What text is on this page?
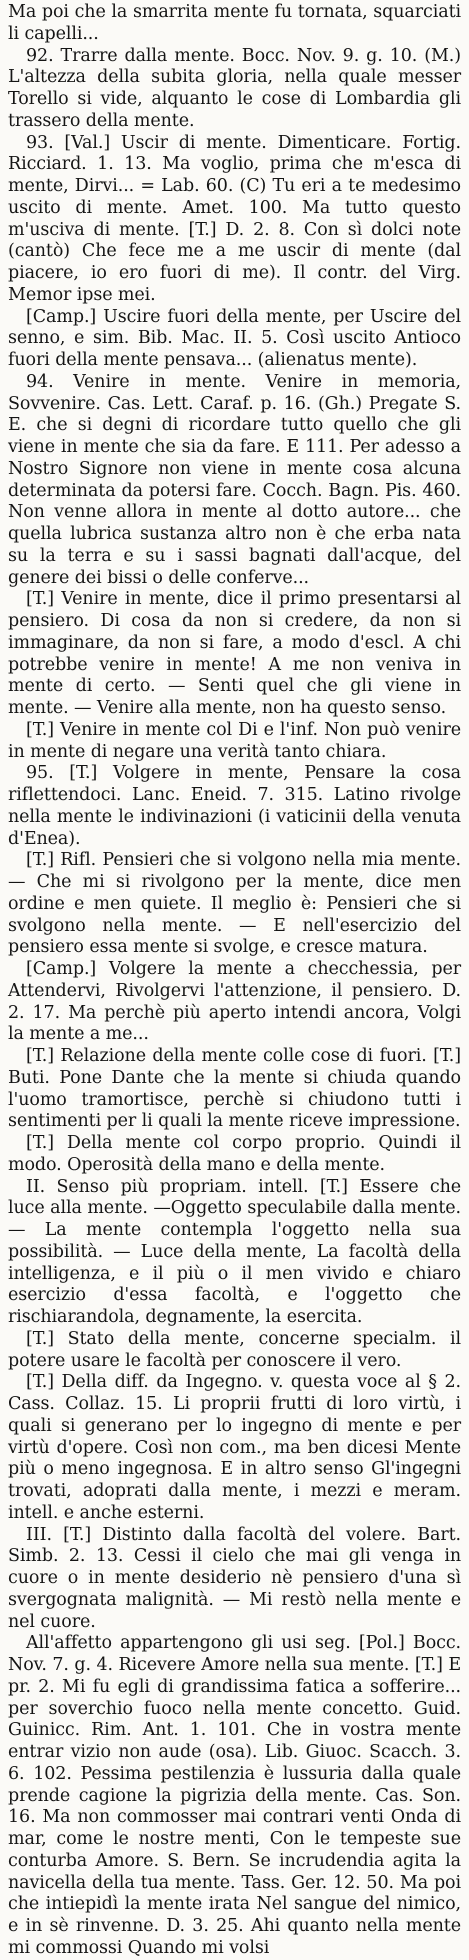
Ma poi che la smarrita mente fu tornata, squarciati li capelli...

92. Trarre dalla mente. Bocc. Nov. 9. g. 10. (M.) L'altezza della subita gloria, nella quale messer Torello si vide, alquanto le cose di Lombardia gli trassero della mente.

93. [Val.] Uscir di mente. Dimenticare. Fortig. Ricciard. 1. 13. Ma voglio, prima che m'esca di mente, Dirvi... = Lab. 60. (C) Tu eri a te medesimo uscito di mente. Amet. 100. Ma tutto questo m'usciva di mente. [T.] D. 2. 8. Con sì dolci note (cantò) Che fece me a me uscir di mente (dal piacere, io ero fuori di me). Il contr. del Virg. Memor ipse mei.

[Camp.] Uscire fuori della mente, per Uscire del senno, e sim. Bib. Mac. II. 5. Così uscito Antioco fuori della mente pensava... (alienatus mente).

94. Venire in mente. Venire in memoria, Sovvenire. Cas. Lett. Caraf. p. 16. (Gh.) Pregate S. E. che si degni di ricordare tutto quello che gli viene in mente che sia da fare. E 111. Per adesso a Nostro Signore non viene in mente cosa alcuna determinata da potersi fare. Cocch. Bagn. Pis. 460. Non venne allora in mente al dotto autore... che quella lubrica sustanza altro non è che erba nata su la terra e su i sassi bagnati dall'acque, del genere dei bissi o delle conferve...

[T.] Venire in mente, dice il primo presentarsi al pensiero. Di cosa da non si credere, da non si immaginare, da non si fare, a modo d'escl. A chi potrebbe venire in mente! A me non veniva in mente di certo. — Senti quel che gli viene in mente. — Venire alla mente, non ha questo senso.

[T.] Venire in mente col Di e l'inf. Non può venire in mente di negare una verità tanto chiara.

95. [T.] Volgere in mente, Pensare la cosa riflettendoci. Lanc. Eneid. 7. 315. Latino rivolge nella mente le indivinazioni (i vaticinii della venuta d'Enea).

[T.] Rifl. Pensieri che si volgono nella mia mente. — Che mi si rivolgono per la mente, dice men ordine e men quiete. Il meglio è: Pensieri che si svolgono nella mente. — E nell'esercizio del pensiero essa mente si svolge, e cresce matura.

[Camp.] Volgere la mente a checchessia, per Attendervi, Rivolgervi l'attenzione, il pensiero. D. 2. 17. Ma perchè più aperto intendi ancora, Volgi la mente a me...

[T.] Relazione della mente colle cose di fuori. [T.] Buti. Pone Dante che la mente si chiuda quando l'uomo tramortisce, perchè si chiudono tutti i sentimenti per li quali la mente riceve impressione.

[T.] Della mente col corpo proprio. Quindi il modo. Operosità della mano e della mente.

II. Senso più propriam. intell. [T.] Essere che luce alla mente. —Oggetto speculabile dalla mente. — La mente contempla l'oggetto nella sua possibilità. — Luce della mente, La facoltà della intelligenza, e il più o il men vivido e chiaro esercizio d'essa facoltà, e l'oggetto che rischiarandola, degnamente, la esercita.

[T.] Stato della mente, concerne specialm. il potere usare le facoltà per conoscere il vero.

[T.] Della diff. da Ingegno. v. questa voce al § 2. Cass. Collaz. 15. Li proprii frutti di loro virtù, i quali si generano per lo ingegno di mente e per virtù d'opere. Così non com., ma ben dicesi Mente più o meno ingegnosa. E in altro senso Gl'ingegni trovati, adoprati dalla mente, i mezzi e meram. intell. e anche esterni.

III. [T.] Distinto dalla facoltà del volere. Bart. Simb. 2. 13. Cessi il cielo che mai gli venga in cuore o in mente desiderio nè pensiero d'una sì svergognata malignità. — Mi restò nella mente e nel cuore.

All'affetto appartengono gli usi seg. [Pol.] Bocc. Nov. 7. g. 4. Ricevere Amore nella sua mente. [T.] E pr. 2. Mi fu egli di grandissima fatica a sofferire... per soverchio fuoco nella mente concetto. Guid. Guinicc. Rim. Ant. 1. 101. Che in vostra mente entrar vizio non aude (osa). Lib. Giuoc. Scacch. 3. 6. 102. Pessima pestilenzia è lussuria dalla quale prende cagione la pigrizia della mente. Cas. Son. 16. Ma non commosser mai contrari venti Onda di mar, come le nostre menti, Con le tempeste sue conturba Amore. S. Bern. Se incrudendia agita la navicella della tua mente. Tass. Ger. 12. 50. Ma poi che intiepidì la mente irata Nel sangue del nimico, e in sè rinvenne. D. 3. 25. Ahi quanto nella mente mi commossi Quando mi volsi
